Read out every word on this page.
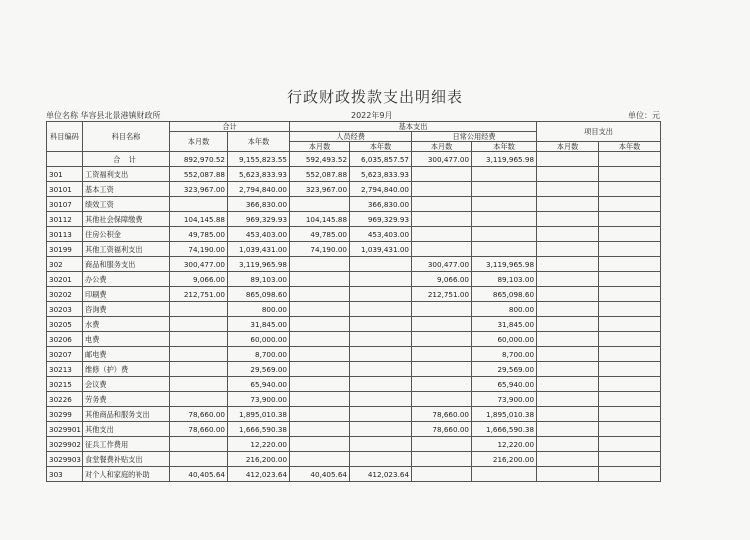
行政财政拨款支出明细表
单位名称 华容县北景港镇财政所	2022年9月	单位：元
科目编码	科目名称	合计		基本支出				项目支出	
		本月数	本年数	人员经费		日常公用经费			
				本月数	本年数	本月数	本年数	本月数	本年数
	合 计	892,970.52	9,155,823.55	592,493.52	6,035,857.57	300,477.00	3,119,965.98		
301	工资福利支出	552,087.88	5,623,833.93	552,087.88	5,623,833.93				
30101	基本工资	323,967.00	2,794,840.00	323,967.00	2,794,840.00				
30107	绩效工资		366,830.00		366,830.00				
30112	其他社会保障缴费	104,145.88	969,329.93	104,145.88	969,329.93				
30113	住房公积金	49,785.00	453,403.00	49,785.00	453,403.00				
30199	其他工资福利支出	74,190.00	1,039,431.00	74,190.00	1,039,431.00				
302	商品和服务支出	300,477.00	3,119,965.98			300,477.00	3,119,965.98		
30201	办公费	9,066.00	89,103.00			9,066.00	89,103.00		
30202	印刷费	212,751.00	865,098.60			212,751.00	865,098.60		
30203	咨询费		800.00				800.00		
30205	水费		31,845.00				31,845.00		
30206	电费		60,000.00				60,000.00		
30207	邮电费		8,700.00				8,700.00		
30213	维修（护）费		29,569.00				29,569.00		
30215	会议费		65,940.00				65,940.00		
30226	劳务费		73,900.00				73,900.00		
30299	其他商品和服务支出	78,660.00	1,895,010.38			78,660.00	1,895,010.38		
3029901	其他支出	78,660.00	1,666,590.38			78,660.00	1,666,590.38		
3029902	征兵工作费用		12,220.00				12,220.00		
3029903	食堂餐费补贴支出		216,200.00				216,200.00		
303	对个人和家庭的补助	40,405.64	412,023.64	40,405.64	412,023.64				
